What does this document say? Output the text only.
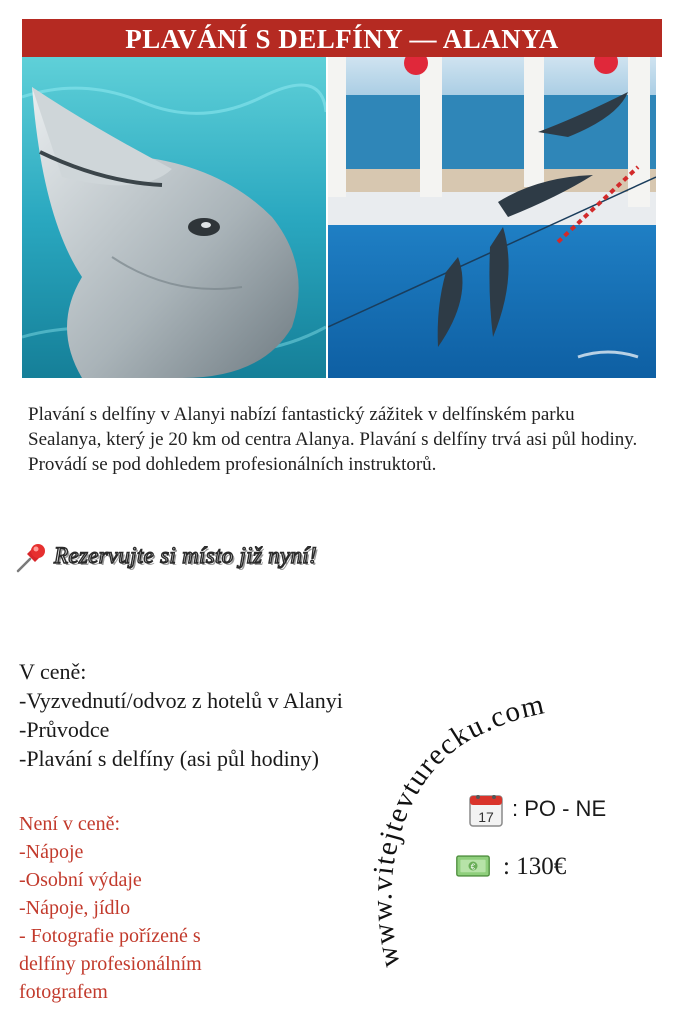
PLAVÁNÍ S DELFÍNY — ALANYA
Plavání s delfíny v Alanyi nabízí fantastický zážitek v delfínském parku Sealanya, který je 20 km od centra Alanya. Plavání s delfíny trvá asi půl hodiny. Provádí se pod dohledem profesionálních instruktorů.
Rezervujte si místo již nyní!
V ceně:
-Vyzvednutí/odvoz z hotelů v Alanyi
-Průvodce
-Plavání s delfíny (asi půl hodiny)
Není v ceně:
-Nápoje
-Osobní výdaje
-Nápoje, jídlo
- Fotografie pořízené s
delfíny profesionálním
fotografem
www.vitejtevturecku.com
17 : PO - NE
€ : 130€
